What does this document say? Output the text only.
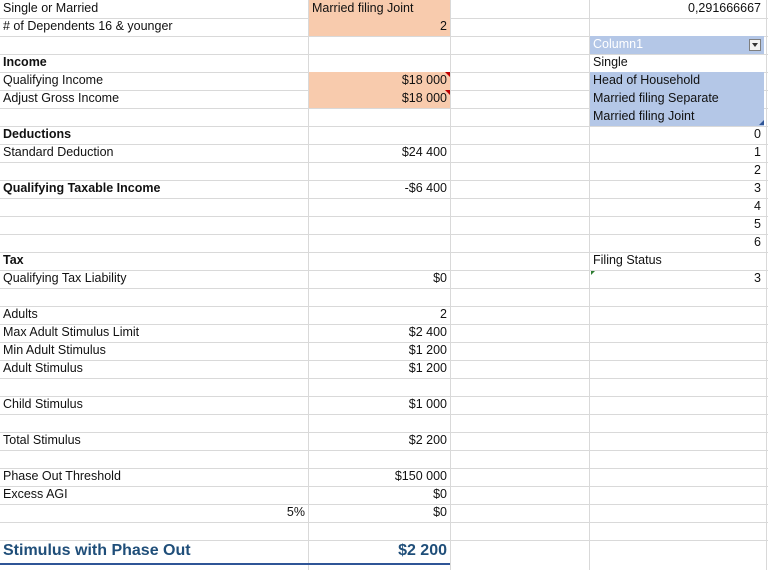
Single or Married	Married filing Joint	0,291666667
# of Dependents 16 & younger	2
Income
Qualifying Income	$18 000
Adjust Gross Income	$18 000
Deductions
Standard Deduction	$24 400
Qualifying Taxable Income	-$6 400
Tax
Qualifying Tax Liability	$0
Adults	2
Max Adult Stimulus Limit	$2 400
Min Adult Stimulus	$1 200
Adult Stimulus	$1 200
Child Stimulus	$1 000
Total Stimulus	$2 200
Phase Out Threshold	$150 000
Excess AGI	$0
5%	$0
Stimulus with Phase Out	$2 200
Column1
Single
Head of Household
Married filing Separate
Married filing Joint
0
1
2
3
4
5
6
Filing Status
3
